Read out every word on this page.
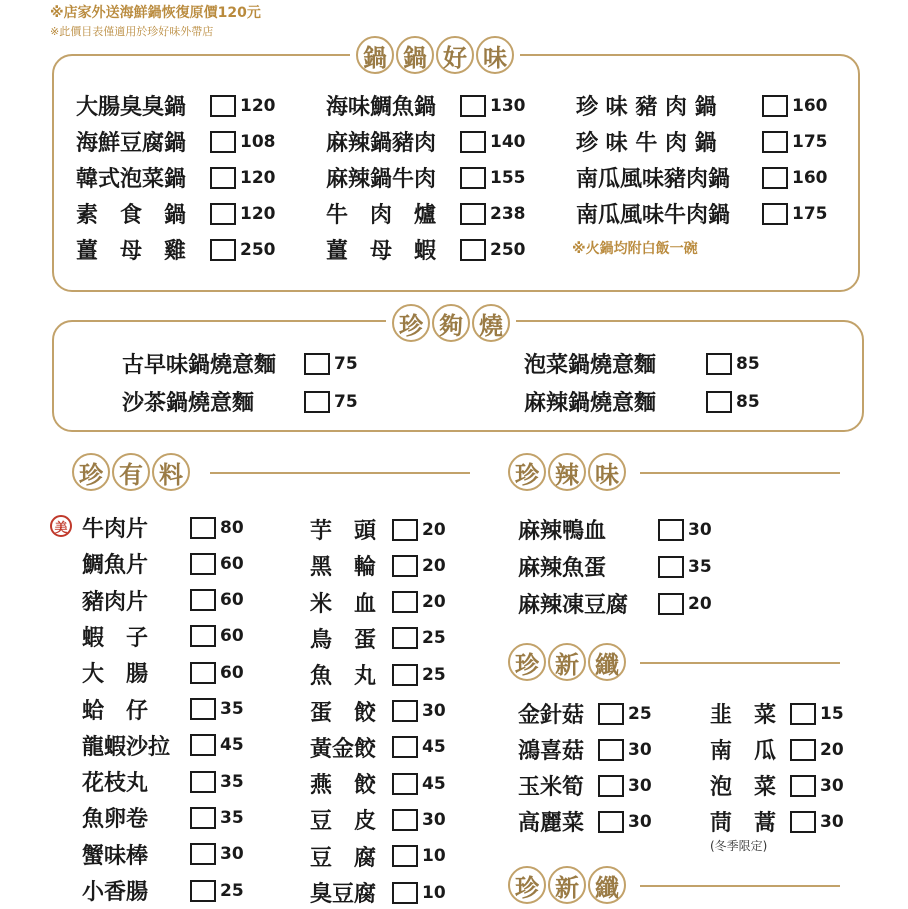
※店家外送海鮮鍋恢復原價120元
※此價目表僅適用於珍好味外帶店
鍋 鍋 好 味
※火鍋均附白飯一碗
珍 夠 燒
珍 有 料
美
珍 辣 味
珍 新 纖
(冬季限定)
珍 新 纖
大腸臭臭鍋	120
海鮮豆腐鍋	108
韓式泡菜鍋	120
素　食　鍋	120
薑　母　雞	250
海味鯛魚鍋	130
麻辣鍋豬肉	140
麻辣鍋牛肉	155
牛　肉　爐	238
薑　母　蝦	250
珍 味 豬 肉 鍋	160
珍 味 牛 肉 鍋	175
南瓜風味豬肉鍋	160
南瓜風味牛肉鍋	175
古早味鍋燒意麵	75
沙茶鍋燒意麵	75
泡菜鍋燒意麵	85
麻辣鍋燒意麵	85
牛肉片	80
鯛魚片	60
豬肉片	60
蝦　子	60
大　腸	60
蛤　仔	35
龍蝦沙拉	45
花枝丸	35
魚卵卷	35
蟹味棒	30
小香腸	25
芋　頭	20
黑　輪	20
米　血	20
鳥　蛋	25
魚　丸	25
蛋　餃	30
黃金餃	45
燕　餃	45
豆　皮	30
豆　腐	10
臭豆腐	10
麻辣鴨血	30
麻辣魚蛋	35
麻辣凍豆腐	20
金針菇	25
鴻喜菇	30
玉米筍	30
高麗菜	30
韭　菜	15
南　瓜	20
泡　菜	30
茼　蒿	30
